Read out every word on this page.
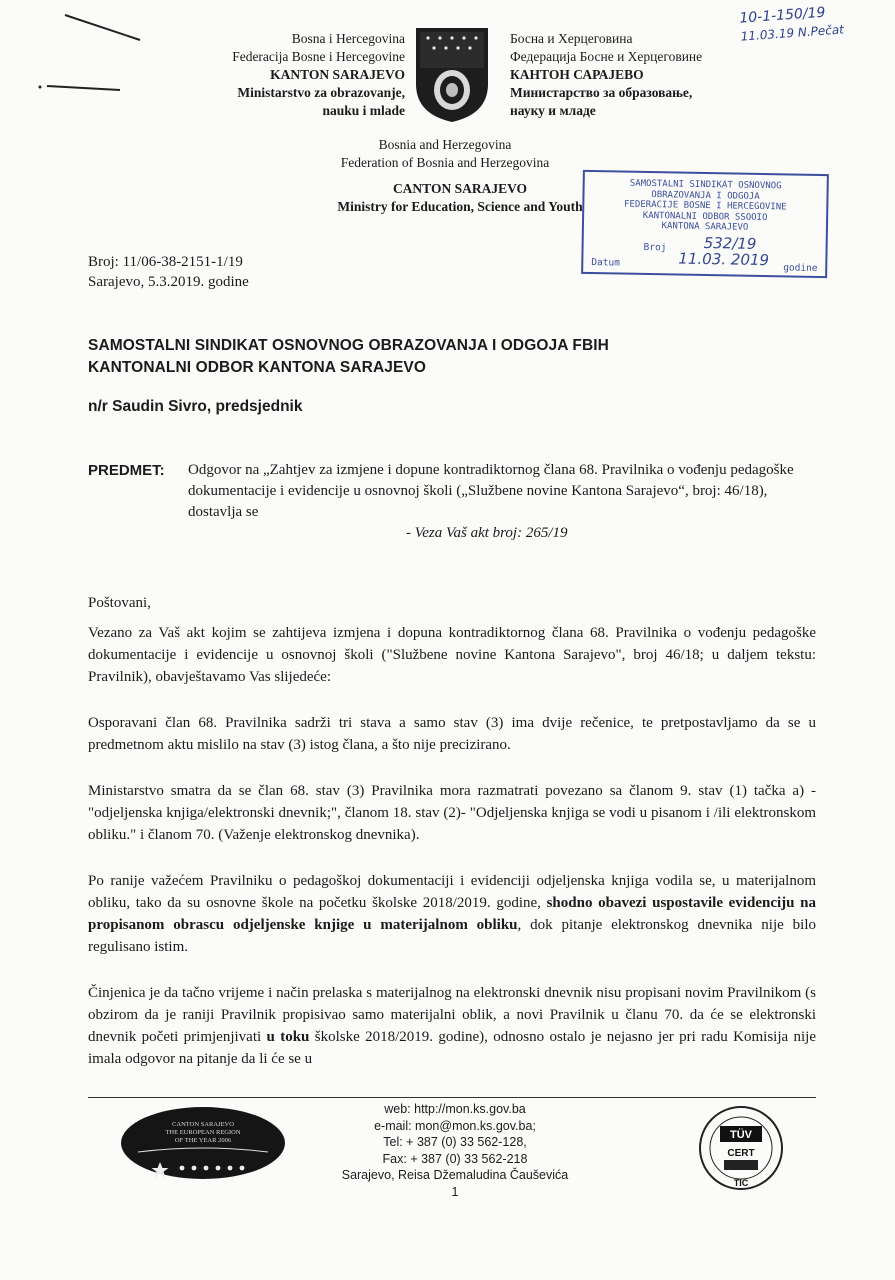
Bosna i Hercegovina
Federacija Bosne i Hercegovine
KANTON SARAJEVO
Ministarstvo za obrazovanje,
nauku i mlade
Босна и Херцеговина
Федерација Босне и Херцеговине
КАНТОН САРАЈЕВО
Министарство за образовање,
науку и младе
10-1-150/19
11.03.19 N.Pečat
Bosnia and Herzegovina
Federation of Bosnia and Herzegovina
CANTON SARAJEVO
Ministry for Education, Science and Youth
SAMOSTALNI SINDIKAT OSNOVNOG
OBRAZOVANJA I ODGOJA
FEDERACIJE BOSNE I HERCEGOVINE
KANTONALNI ODBOR SSOOIO
KANTONA SARAJEVO
Broj 532/19
Datum	11.03. 2019 godine
Broj: 11/06-38-2151-1/19
Sarajevo, 5.3.2019. godine
SAMOSTALNI SINDIKAT OSNOVNOG OBRAZOVANJA I ODGOJA FBIH
KANTONALNI ODBOR KANTONA SARAJEVO
n/r Saudin Sivro, predsjednik
PREDMET: Odgovor na „Zahtjev za izmjene i dopune kontradiktornog člana 68. Pravilnika o vođenju pedagoške dokumentacije i evidencije u osnovnoj školi („Službene novine Kantona Sarajevo“, broj: 46/18), dostavlja se
- Veza Vaš akt broj: 265/19
Poštovani,
Vezano za Vaš akt kojim se zahtijeva izmjena i dopuna kontradiktornog člana 68. Pravilnika o vođenju pedagoške dokumentacije i evidencije u osnovnoj školi ("Službene novine Kantona Sarajevo", broj 46/18; u daljem tekstu: Pravilnik), obavještavamo Vas slijedeće:
Osporavani član 68. Pravilnika sadrži tri stava a samo stav (3) ima dvije rečenice, te pretpostavljamo da se u predmetnom aktu mislilo na stav (3) istog člana, a što nije precizirano.
Ministarstvo smatra da se član 68. stav (3) Pravilnika mora razmatrati povezano sa članom 9. stav (1) tačka a) - "odjeljenska knjiga/elektronski dnevnik;", članom 18. stav (2)- "Odjeljenska knjiga se vodi u pisanom i /ili elektronskom obliku." i članom 70. (Važenje elektronskog dnevnika).
Po ranije važećem Pravilniku o pedagoškoj dokumentaciji i evidenciji odjeljenska knjiga vodila se, u materijalnom obliku, tako da su osnovne škole na početku školske 2018/2019. godine, shodno obavezi uspostavile evidenciju na propisanom obrascu odjeljenske knjige u materijalnom obliku, dok pitanje elektronskog dnevnika nije bilo regulisano istim.
Činjenica je da tačno vrijeme i način prelaska s materijalnog na elektronski dnevnik nisu propisani novim Pravilnikom (s obzirom da je raniji Pravilnik propisivao samo materijalni oblik, a novi Pravilnik u članu 70. da će se elektronski dnevnik početi primjenjivati u toku školske 2018/2019. godine), odnosno ostalo je nejasno jer pri radu Komisija nije imala odgovor na pitanje da li će se u
CANTON SARAJEVO
THE EUROPEAN REGION
OF THE YEAR 2006
web: http://mon.ks.gov.ba
e-mail: mon@mon.ks.gov.ba;
Tel: + 387 (0) 33 562-128,
Fax: + 387 (0) 33 562-218
Sarajevo, Reisa Džemaludina Čauševića 1
TÜV
CERT
TIC
